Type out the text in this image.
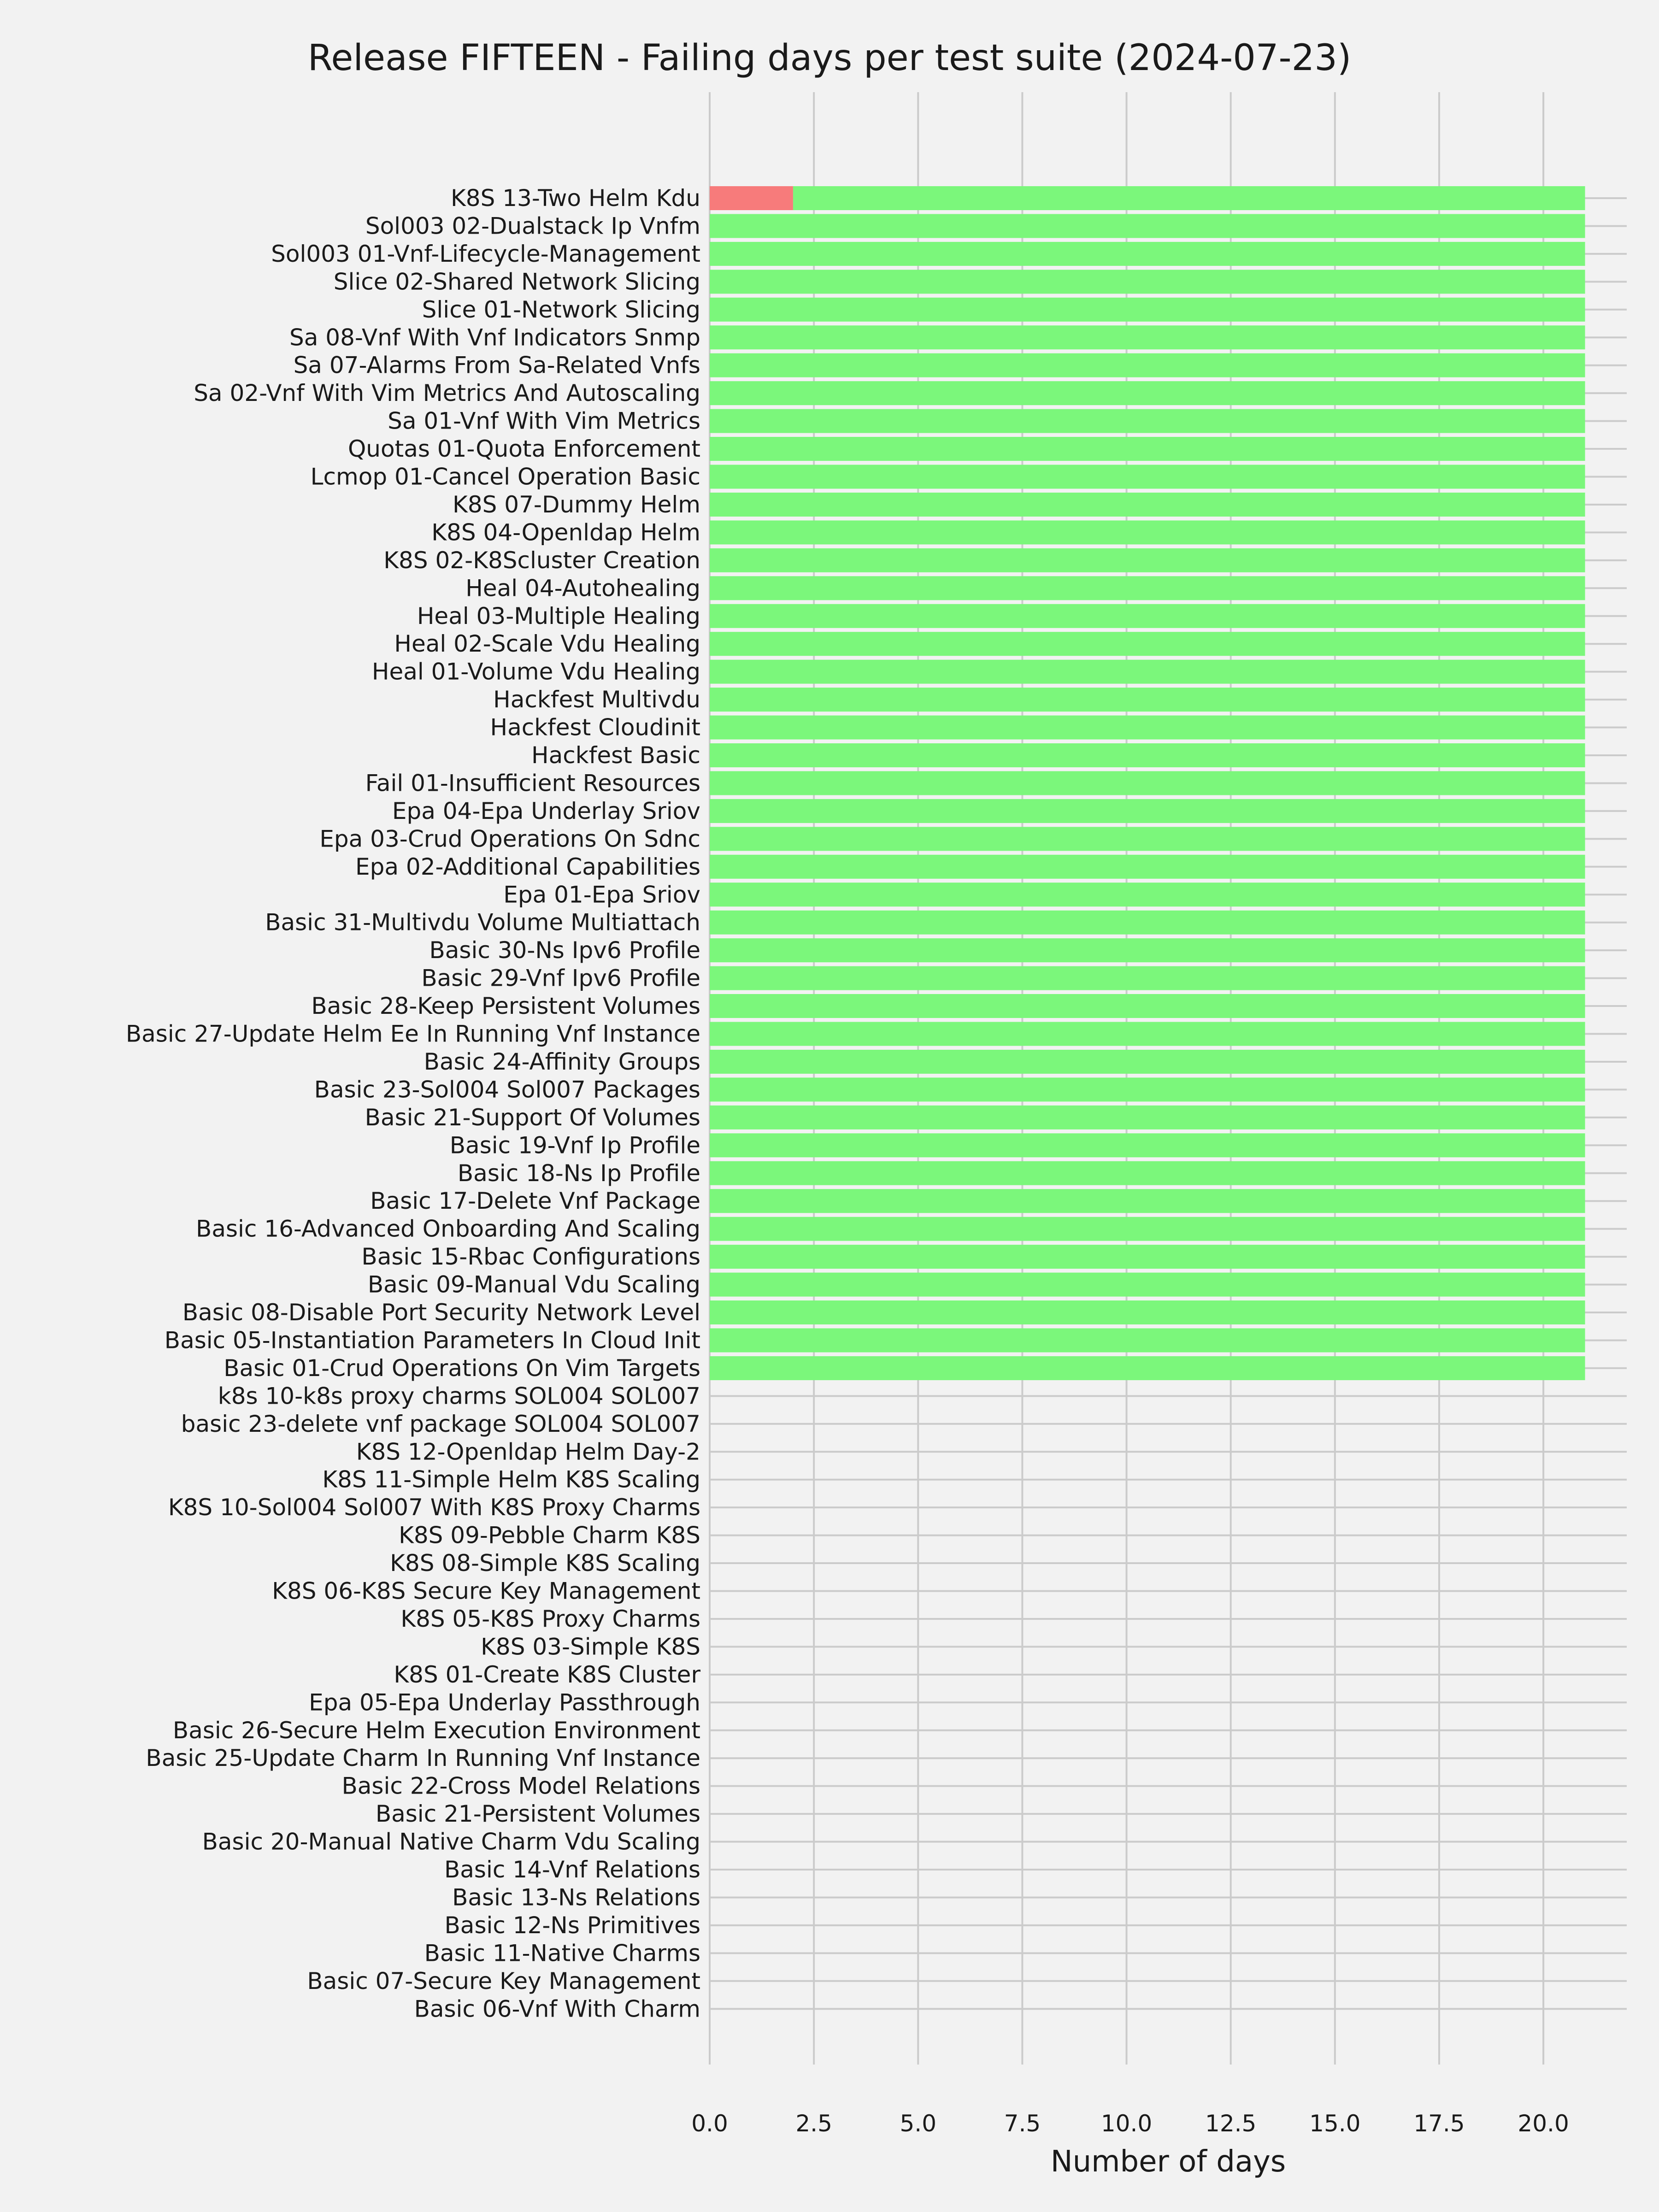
K8S 13-Two Helm Kdu
Sol003 02-Dualstack Ip Vnfm
Sol003 01-Vnf-Lifecycle-Management
Slice 02-Shared Network Slicing
Slice 01-Network Slicing
Sa 08-Vnf With Vnf Indicators Snmp
Sa 07-Alarms From Sa-Related Vnfs
Sa 02-Vnf With Vim Metrics And Autoscaling
Sa 01-Vnf With Vim Metrics
Quotas 01-Quota Enforcement
Lcmop 01-Cancel Operation Basic
K8S 07-Dummy Helm
K8S 04-Openldap Helm
K8S 02-K8Scluster Creation
Heal 04-Autohealing
Heal 03-Multiple Healing
Heal 02-Scale Vdu Healing
Heal 01-Volume Vdu Healing
Hackfest Multivdu
Hackfest Cloudinit
Hackfest Basic
Fail 01-Insufficient Resources
Epa 04-Epa Underlay Sriov
Epa 03-Crud Operations On Sdnc
Epa 02-Additional Capabilities
Epa 01-Epa Sriov
Basic 31-Multivdu Volume Multiattach
Basic 30-Ns Ipv6 Profile
Basic 29-Vnf Ipv6 Profile
Basic 28-Keep Persistent Volumes
Basic 27-Update Helm Ee In Running Vnf Instance
Basic 24-Affinity Groups
Basic 23-Sol004 Sol007 Packages
Basic 21-Support Of Volumes
Basic 19-Vnf Ip Profile
Basic 18-Ns Ip Profile
Basic 17-Delete Vnf Package
Basic 16-Advanced Onboarding And Scaling
Basic 15-Rbac Configurations
Basic 09-Manual Vdu Scaling
Basic 08-Disable Port Security Network Level
Basic 05-Instantiation Parameters In Cloud Init
Basic 01-Crud Operations On Vim Targets
k8s 10-k8s proxy charms SOL004 SOL007
basic 23-delete vnf package SOL004 SOL007
K8S 12-Openldap Helm Day-2
K8S 11-Simple Helm K8S Scaling
K8S 10-Sol004 Sol007 With K8S Proxy Charms
K8S 09-Pebble Charm K8S
K8S 08-Simple K8S Scaling
K8S 06-K8S Secure Key Management
K8S 05-K8S Proxy Charms
K8S 03-Simple K8S
K8S 01-Create K8S Cluster
Epa 05-Epa Underlay Passthrough
Basic 26-Secure Helm Execution Environment
Basic 25-Update Charm In Running Vnf Instance
Basic 22-Cross Model Relations
Basic 21-Persistent Volumes
Basic 20-Manual Native Charm Vdu Scaling
Basic 14-Vnf Relations
Basic 13-Ns Relations
Basic 12-Ns Primitives
Basic 11-Native Charms
Basic 07-Secure Key Management
Basic 06-Vnf With Charm
0.0	2.5	5.0	7.5	10.0 12.5 15.0 17.5 20.0
Release FIFTEEN - Failing days per test suite (2024-07-23)
Number of days
